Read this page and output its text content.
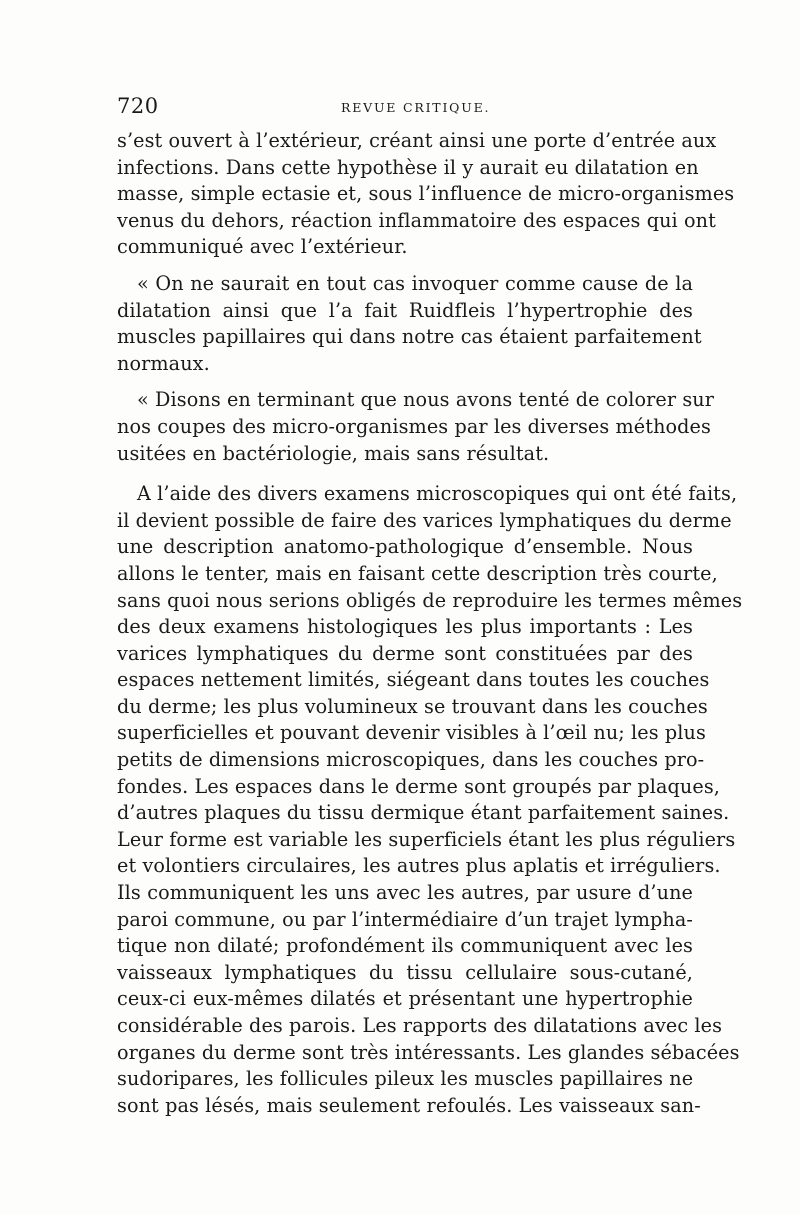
720	REVUE CRITIQUE.
s’est ouvert à l’extérieur, créant ainsi une porte d’entrée aux
infections. Dans cette hypothèse il y aurait eu dilatation en
masse, simple ectasie et, sous l’influence de micro-organismes
venus du dehors, réaction inflammatoire des espaces qui ont
communiqué avec l’extérieur.
« On ne saurait en tout cas invoquer comme cause de la
dilatation ainsi que l’a fait Ruidfleis l’hypertrophie des
muscles papillaires qui dans notre cas étaient parfaitement
normaux.
« Disons en terminant que nous avons tenté de colorer sur
nos coupes des micro-organismes par les diverses méthodes
usitées en bactériologie, mais sans résultat.
A l’aide des divers examens microscopiques qui ont été faits,
il devient possible de faire des varices lymphatiques du derme
une description anatomo-pathologique d’ensemble. Nous
allons le tenter, mais en faisant cette description très courte,
sans quoi nous serions obligés de reproduire les termes mêmes
des deux examens histologiques les plus importants : Les
varices lymphatiques du derme sont constituées par des
espaces nettement limités, siégeant dans toutes les couches
du derme; les plus volumineux se trouvant dans les couches
superficielles et pouvant devenir visibles à l’œil nu; les plus
petits de dimensions microscopiques, dans les couches pro-
fondes. Les espaces dans le derme sont groupés par plaques,
d’autres plaques du tissu dermique étant parfaitement saines.
Leur forme est variable les superficiels étant les plus réguliers
et volontiers circulaires, les autres plus aplatis et irréguliers.
Ils communiquent les uns avec les autres, par usure d’une
paroi commune, ou par l’intermédiaire d’un trajet lympha-
tique non dilaté; profondément ils communiquent avec les
vaisseaux lymphatiques du tissu cellulaire sous-cutané,
ceux-ci eux-mêmes dilatés et présentant une hypertrophie
considérable des parois. Les rapports des dilatations avec les
organes du derme sont très intéressants. Les glandes sébacées
sudoripares, les follicules pileux les muscles papillaires ne
sont pas lésés, mais seulement refoulés. Les vaisseaux san-
